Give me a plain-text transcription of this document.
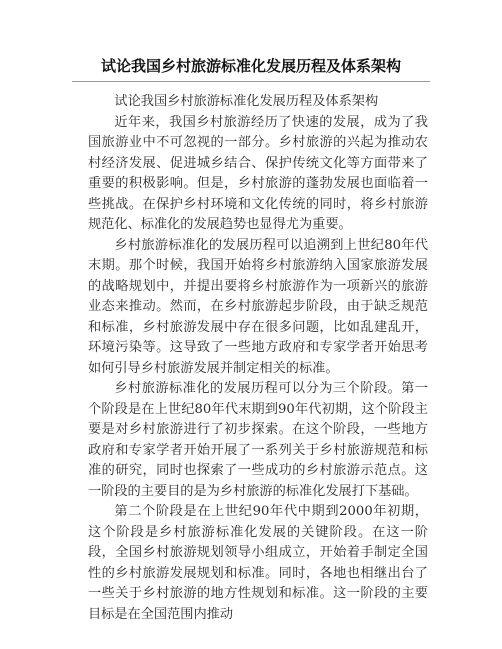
试论我国乡村旅游标准化发展历程及体系架构

试论我国乡村旅游标准化发展历程及体系架构

近年来，我国乡村旅游经历了快速的发展，成为了我国旅游业中不可忽视的一部分。乡村旅游的兴起为推动农村经济发展、促进城乡结合、保护传统文化等方面带来了重要的积极影响。但是，乡村旅游的蓬勃发展也面临着一些挑战。在保护乡村环境和文化传统的同时，将乡村旅游规范化、标准化的发展趋势也显得尤为重要。

乡村旅游标准化的发展历程可以追溯到上世纪80年代末期。那个时候，我国开始将乡村旅游纳入国家旅游发展的战略规划中，并提出要将乡村旅游作为一项新兴的旅游业态来推动。然而，在乡村旅游起步阶段，由于缺乏规范和标准，乡村旅游发展中存在很多问题，比如乱建乱开，环境污染等。这导致了一些地方政府和专家学者开始思考如何引导乡村旅游发展并制定相关的标准。

乡村旅游标准化的发展历程可以分为三个阶段。第一个阶段是在上世纪80年代末期到90年代初期，这个阶段主要是对乡村旅游进行了初步探索。在这个阶段，一些地方政府和专家学者开始开展了一系列关于乡村旅游规范和标准的研究，同时也探索了一些成功的乡村旅游示范点。这一阶段的主要目的是为乡村旅游的标准化发展打下基础。

第二个阶段是在上世纪90年代中期到2000年初期，这个阶段是乡村旅游标准化发展的关键阶段。在这一阶段，全国乡村旅游规划领导小组成立，开始着手制定全国性的乡村旅游发展规划和标准。同时，各地也相继出台了一些关于乡村旅游的地方性规划和标准。这一阶段的主要目标是在全国范围内推动
